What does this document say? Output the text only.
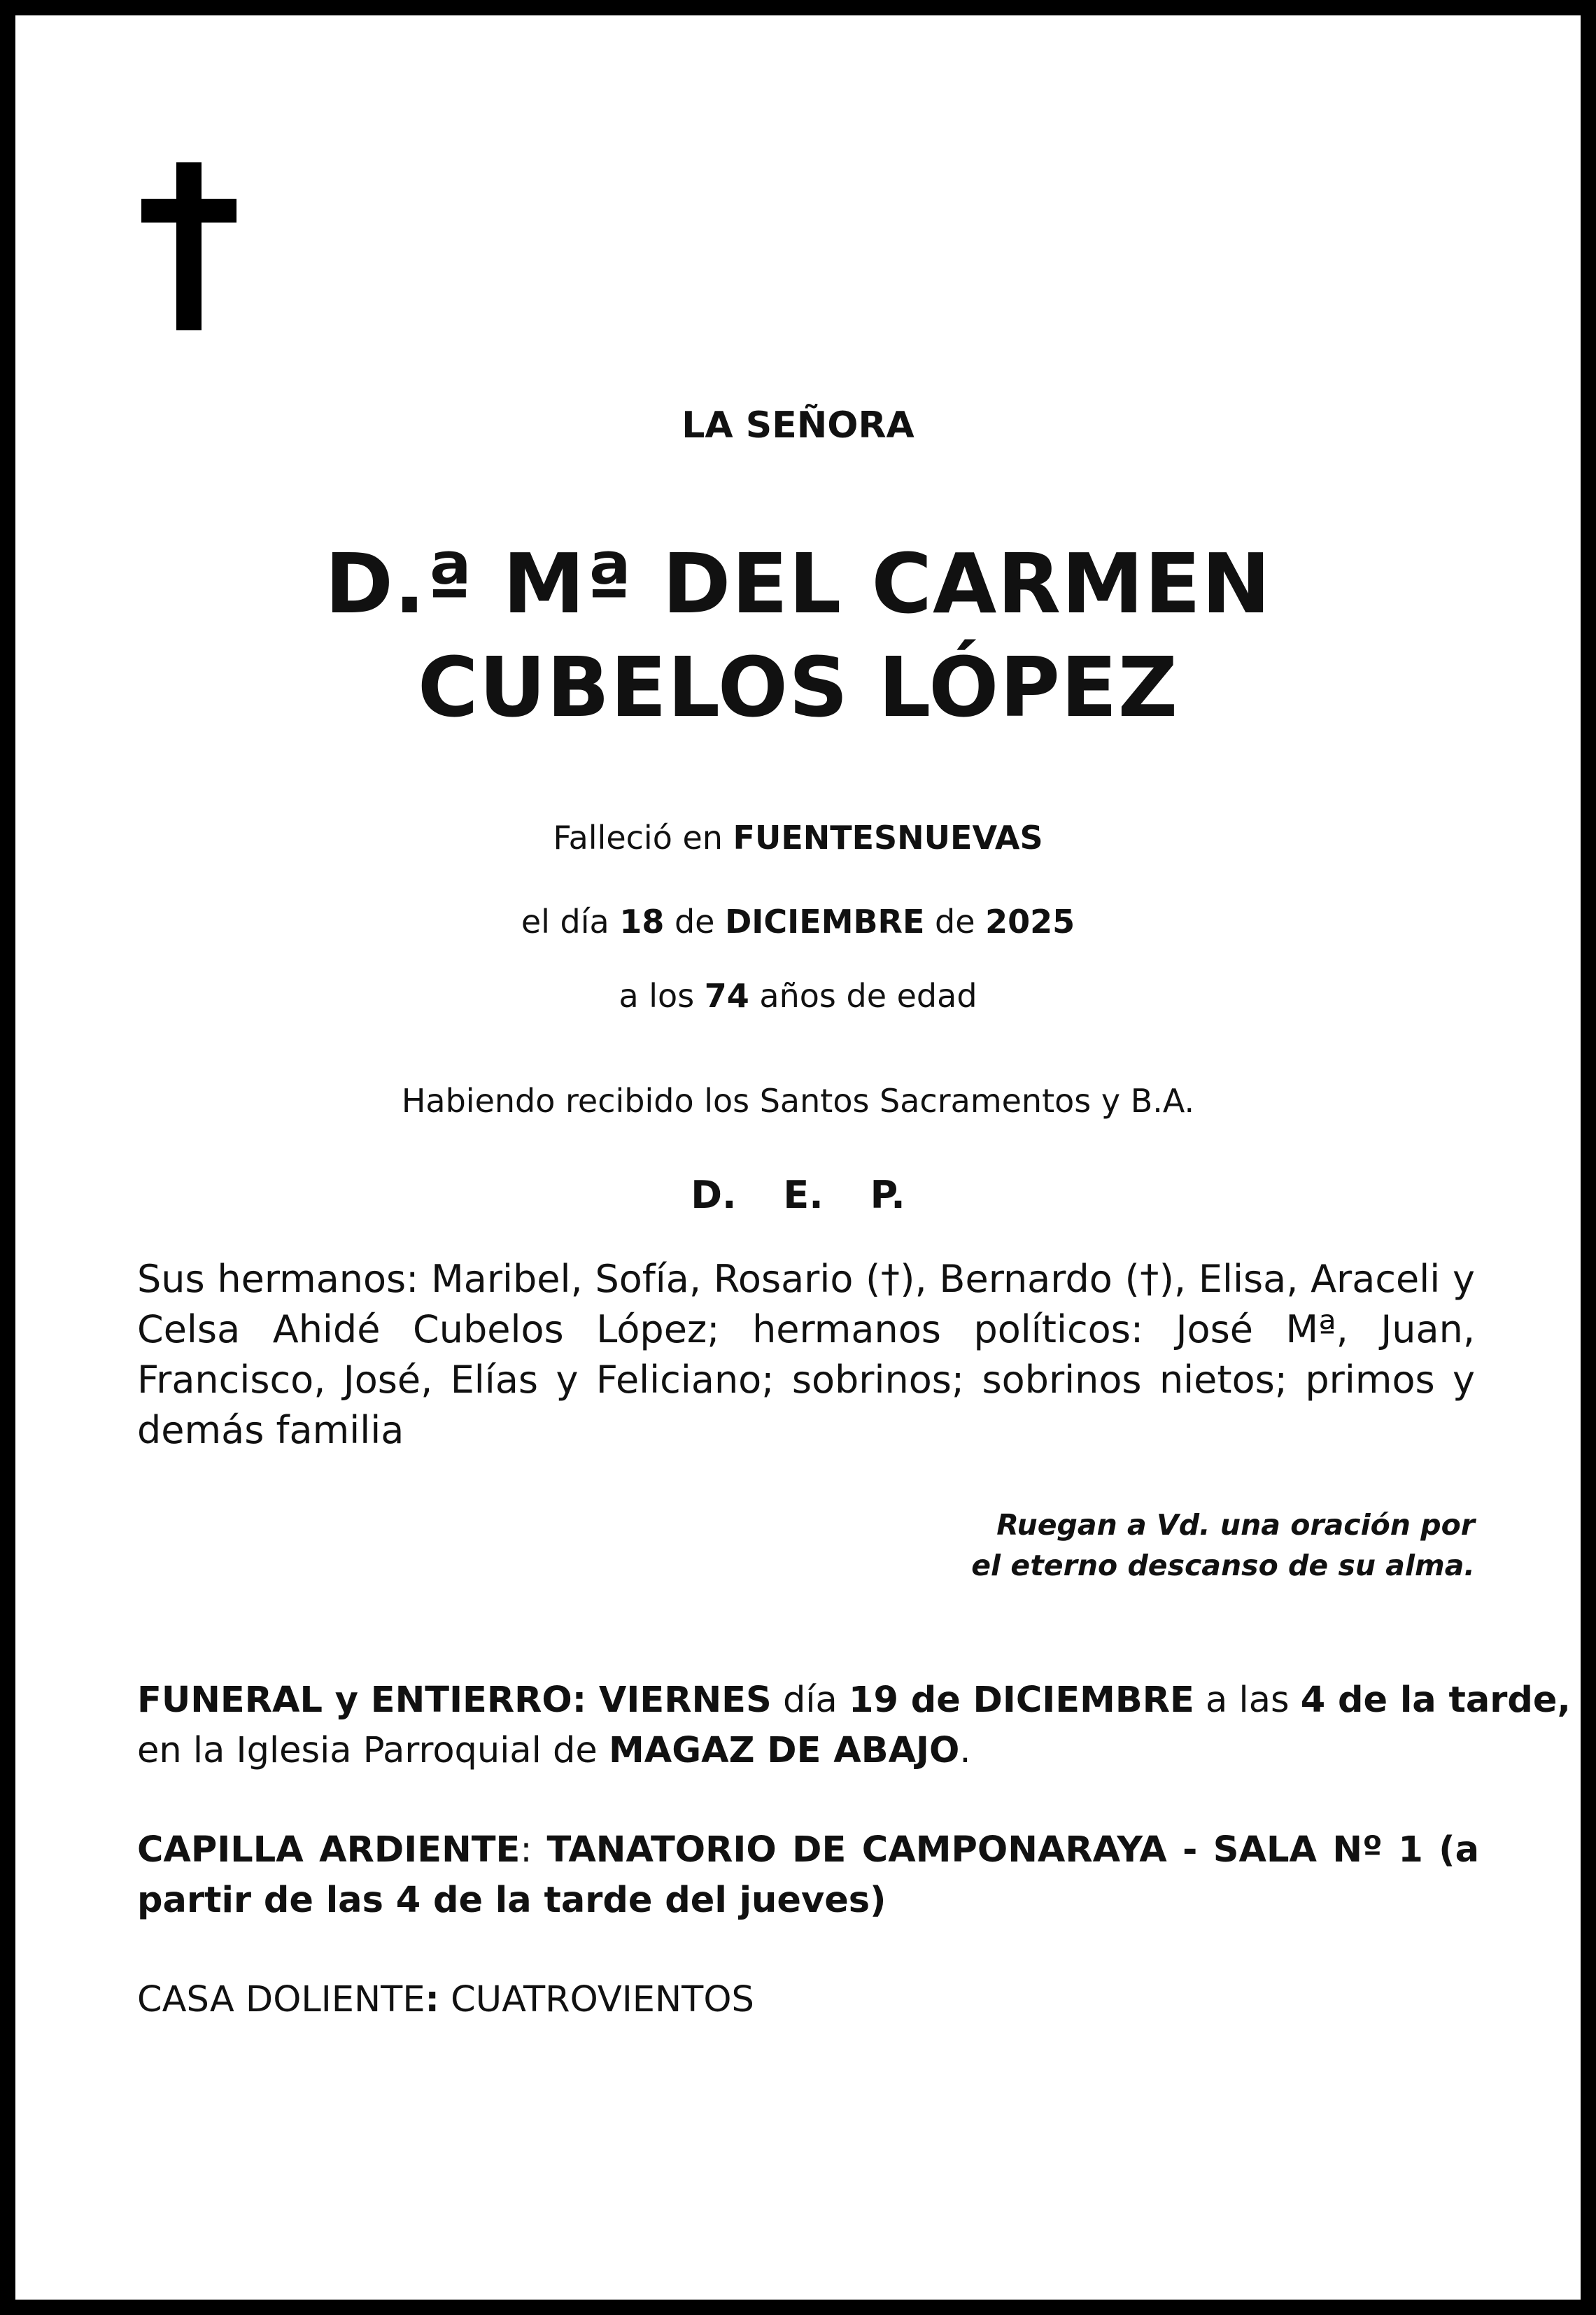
LA SEÑORA
D.ª Mª DEL CARMEN
CUBELOS LÓPEZ
Falleció en FUENTESNUEVAS
el día 18 de DICIEMBRE de 2025
a los 74 años de edad
Habiendo recibido los Santos Sacramentos y B.A.
D. E. P.
Sus hermanos: Maribel, Sofía, Rosario (†), Bernardo (†), Elisa, Araceli y Celsa Ahidé Cubelos López; hermanos políticos: José Mª, Juan, Francisco, José, Elías y Feliciano; sobrinos; sobrinos nietos; primos y demás familia
Ruegan a Vd. una oración por
el eterno descanso de su alma.
FUNERAL y ENTIERRO: VIERNES día 19 de DICIEMBRE a las 4 de la tarde,
en la Iglesia Parroquial de MAGAZ DE ABAJO.
CAPILLA ARDIENTE: TANATORIO DE CAMPONARAYA - SALA Nº 1 (a partir de las 4 de la tarde del jueves)
CASA DOLIENTE: CUATROVIENTOS
